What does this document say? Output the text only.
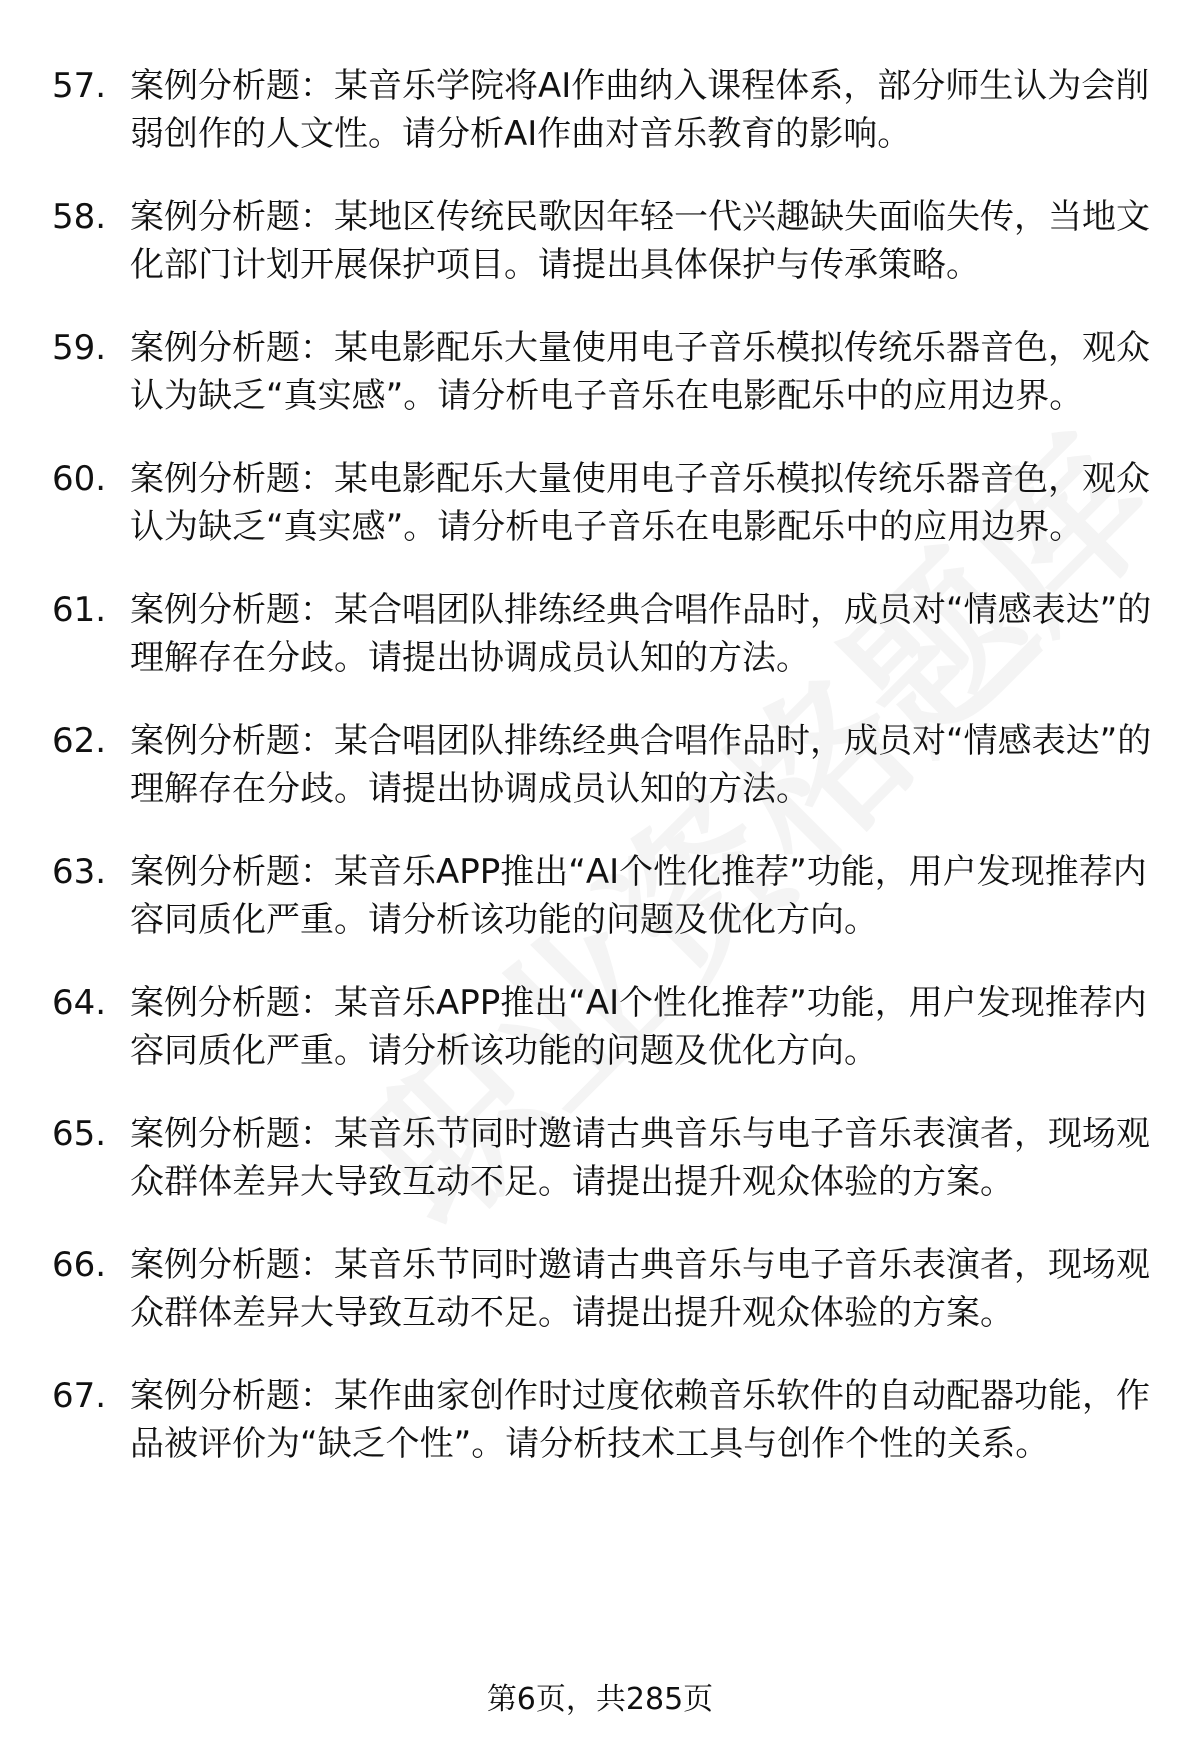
57. 案例分析题：某音乐学院将AI作曲纳入课程体系，部分师生认为会削弱创作的人文性。请分析AI作曲对音乐教育的影响。
58. 案例分析题：某地区传统民歌因年轻一代兴趣缺失面临失传，当地文化部门计划开展保护项目。请提出具体保护与传承策略。
59. 案例分析题：某电影配乐大量使用电子音乐模拟传统乐器音色，观众认为缺乏“真实感”。请分析电子音乐在电影配乐中的应用边界。
60. 案例分析题：某电影配乐大量使用电子音乐模拟传统乐器音色，观众认为缺乏“真实感”。请分析电子音乐在电影配乐中的应用边界。
61. 案例分析题：某合唱团队排练经典合唱作品时，成员对“情感表达”的理解存在分歧。请提出协调成员认知的方法。
62. 案例分析题：某合唱团队排练经典合唱作品时，成员对“情感表达”的理解存在分歧。请提出协调成员认知的方法。
63. 案例分析题：某音乐APP推出“AI个性化推荐”功能，用户发现推荐内容同质化严重。请分析该功能的问题及优化方向。
64. 案例分析题：某音乐APP推出“AI个性化推荐”功能，用户发现推荐内容同质化严重。请分析该功能的问题及优化方向。
65. 案例分析题：某音乐节同时邀请古典音乐与电子音乐表演者，现场观众群体差异大导致互动不足。请提出提升观众体验的方案。
66. 案例分析题：某音乐节同时邀请古典音乐与电子音乐表演者，现场观众群体差异大导致互动不足。请提出提升观众体验的方案。
67. 案例分析题：某作曲家创作时过度依赖音乐软件的自动配器功能，作品被评价为“缺乏个性”。请分析技术工具与创作个性的关系。
第6页，共285页
